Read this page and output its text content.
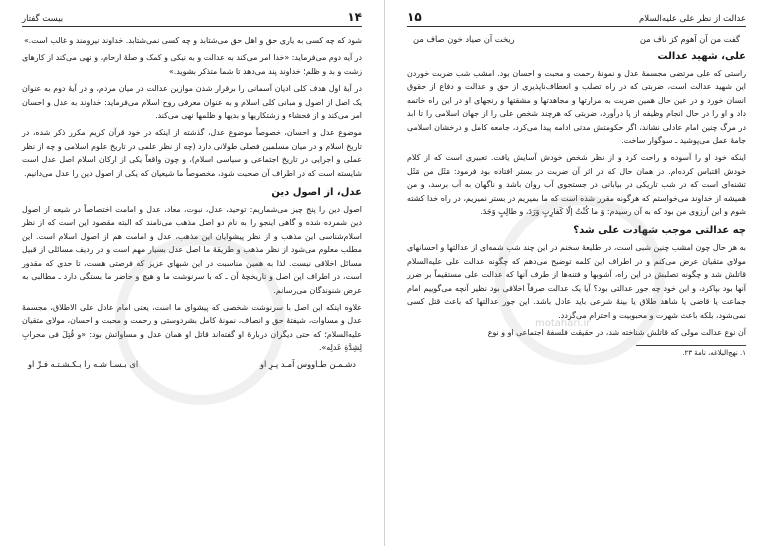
۱۴
بیست گفتار

شود که چه کسی به یاری حق و اهل حق می‌شتابد و چه کسی نمی‌شتابد. خداوند نیرومند و غالب است.»

در آیه دوم می‌فرماید: «خدا امر می‌کند به عدالت و به نیکی و کمک و صلهٔ ارحام، و نهی می‌کند از کارهای زشت و بد و ظلم؛ خداوند پند می‌دهد تا شما متذکر بشوید.»

در آیهٔ اول هدف کلی ادیان آسمانی را برقرار شدن موازین عدالت در میان مردم، و در آیهٔ دوم به عنوان یک اصل از اصول و مبانی کلی اسلام و به عنوان معرفی روح اسلام می‌فرماید: خداوند به عدل و احسان امر می‌کند و از فحشاء و زشتکاریها و بدیها و ظلمها نهی می‌کند.

موضوع عدل و احسان، خصوصاً موضوع عدل، گذشته از اینکه در خود قرآن کریم مکرر ذکر شده، در تاریخ اسلام و در میان مسلمین فصلی طولانی دارد (چه از نظر علمی در تاریخ علوم اسلامی و چه از نظر عملی و اجرایی در تاریخ اجتماعی و سیاسی اسلام)، و چون واقعاً یکی از ارکان اسلام اصل عدل است شایسته است که در اطراف آن صحبت شود، مخصوصاً ما شیعیان که یکی از اصول دین را عدل می‌دانیم.

عدل، از اصول دین

اصول دین را پنج چیز می‌شماریم: توحید، عدل، نبوت، معاد، عدل و امامت اختصاصاً در شیعه از اصول دین شمرده شده و گاهی اینجو را به نام دو اصل مذهب می‌نامند که البته مقصود این است که از نظر اسلام‌شناسی این مذهب و از نظر پیشوایان این مذهب، عدل و امامت هم از اصول اسلام است. این مطلب معلوم می‌شود از نظر مذهب و طریقهٔ ما اصل عدل بسیار مهم است و در ردیف مسائلی از قبیل مسائل اخلاقی نیست. لذا به همین مناسبت در این شبهای عزیز که فرصتی هست، تا حدی که مقدور است، در اطراف این اصل و تاریخچهٔ آن ـ که با سرنوشت ما و هیچ و حاضر ما بستگی دارد ـ مطالبی به عرض شنوندگان می‌رسانم.

علاوه اینکه این اصل با سرنوشت شخصی که پیشوای ما است، یعنی امام عادل علی الاطلاق، مجسمهٔ عدل و مساوات، شیفتهٔ حق و انصاف، نمونهٔ کامل بشردوستی و رحمت و محبت و احسان، مولای متقیان علیه‌السلام؛ که حتی دیگران دربارهٔ او گفته‌اند قاتل او همان عدل و مساواتش بود: «و قُتِلَ فی محرابِ لِشِدَّةِ عَدلِه».

دشـمـن طـاووس آمـد پـرِ او
ای بـسـا شـه را بـکـشـتـه فـرِّ او
motahari.ir
عدالت از نظر علی علیه‌السلام
۱۵
گفت من آن آهوم کز ناف من
ریخت آن صیاد خون صاف من
علی، شهید عدالت

راستی که علی مرتضی مجسمهٔ عدل و نمونهٔ رحمت و محبت و احسان بود. امشب شب ضربت خوردن این شهید عدالت است، ضربتی که در راه تصلب و انعطاف‌ناپذیری از حق و عدالت و دفاع از حقوق انسان خورد و در عین حال همین ضربت به مرارتها و مجاهدتها و مشقتها و رنجهای او در این راه خاتمه داد و او را در حال انجام وظیفه از پا درآورد، ضربتی که هرچند شخص علی را از جهان اسلامی را تا ابد در مرگ چنین امام عادلی نشاند، اگر حکومتش مدتی ادامه پیدا می‌کرد، جامعه کامل و درخشان اسلامی جامهٔ عمل می‌پوشید ـ سوگوار ساخت.

اینکه خود او را آسوده و راحت کرد و از نظر شخص خودش آسایش یافت. تعبیری است که از کلام خودش اقتباس کرده‌ام. در همان حال که در اثر آن ضربت در بستر افتاده بود فرمود: مَثَل من مَثَل تشنه‌ای است که در شب تاریکی در بیابانی در جستجوی آب روان باشد و ناگهان به آب برسد، و من همیشه از خداوند می‌خواستم که هرگونه مقرر شده است که ما بمیریم در بستر نمیریم، در راه خدا کشته شوم و این آرزوی من بود که به آن رسیدم: وَ ما کُنْتُ إلّا کَقارِبٍ وَرَدَ، و طالِبٍ وَجَدَ.

چه عدالتی موجب شهادت علی شد؟

به هر حال چون امشب چنین شبی است، در طلیعهٔ سخنم در این چند شب شمه‌ای از عدالتها و احسانهای مولای متقیان عرض می‌کنم و در اطراف این کلمه توضیح می‌دهم که چگونه عدالت علی علیه‌السلام قاتلش شد و چگونه تصلبش در این راه، آشوبها و فتنه‌ها از طرف آنها که عدالت علی مستقیماً بر ضرر آنها بود بپاکرد، و این خود چه جور عدالتی بود؟ آیا یک عدالت صرفاً اخلاقی بود نظیر آنچه می‌گوییم امام جماعت یا قاضی یا شاهد طلاق یا بینهٔ شرعی باید عادل باشد. این جور عدالتها که باعث قتل کسی نمی‌شود، بلکه باعث شهرت و محبوبیت و احترام می‌گردد.

آن نوع عدالت مولی که قاتلش شناخته شد، در حقیقت فلسفهٔ اجتماعی او و نوع

۱. نهج‌البلاغه، نامهٔ ۲۳.
